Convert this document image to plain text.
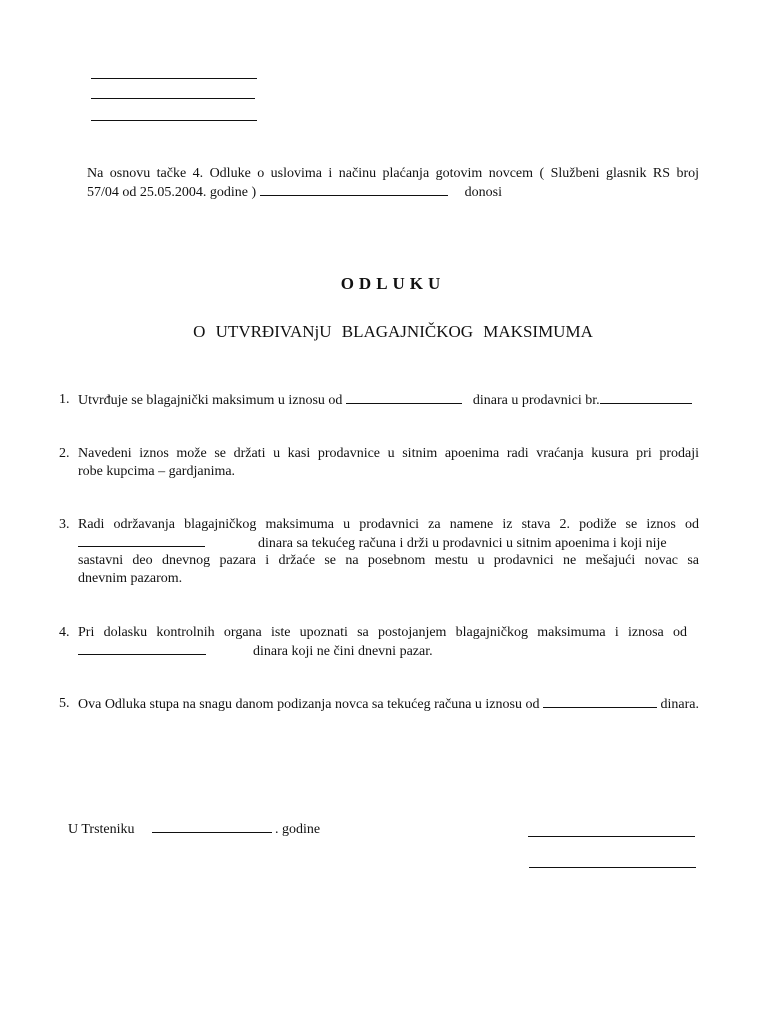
Na osnovu tačke 4. Odluke o uslovima i načinu plaćanja gotovim novcem ( Službeni glasnik RS broj
57/04 od 25.05.2004. godine )	donosi
ODLUKU
O UTVRĐIVANjU BLAGAJNIČKOG MAKSIMUMA
1. Utvrđuje se blagajnički maksimum u iznosu od	dinara u prodavnici br.
2. Navedeni iznos može se držati u kasi prodavnice u sitnim apoenima radi vraćanja kusura pri prodaji
robe kupcima – gardjanima.
3. Radi održavanja blagajničkog maksimuma u prodavnici za namene iz stava 2. podiže se iznos od
dinara sa tekućeg računa i drži u prodavnici u sitnim apoenima i koji nije
sastavni deo dnevnog pazara i držaće se na posebnom mestu u prodavnici ne mešajući novac sa
dnevnim pazarom.
4. Pri dolasku kontrolnih organa iste upoznati sa postojanjem blagajničkog maksimuma i iznosa od
dinara koji ne čini dnevni pazar.
5. Ova Odluka stupa na snagu danom podizanja novca sa tekućeg računa u iznosu od	dinara.
U Trsteniku	. godine
